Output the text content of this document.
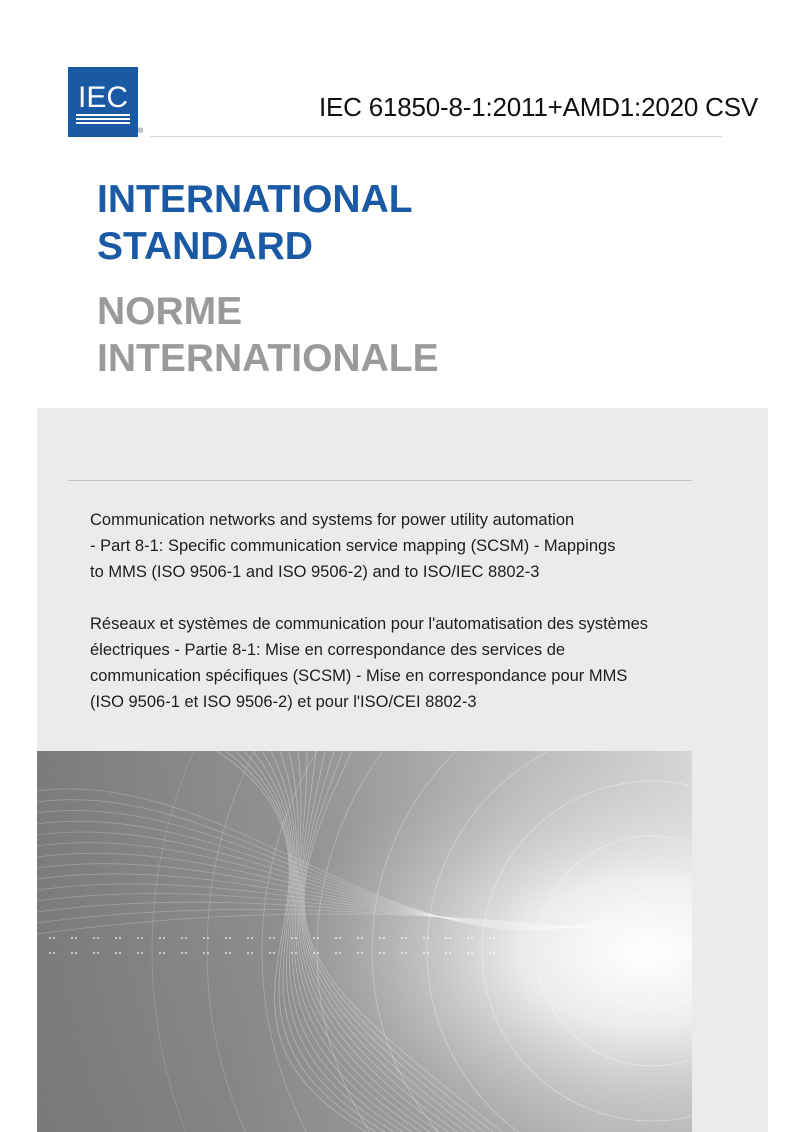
IEC
®
IEC 61850-8-1:2011+AMD1:2020 CSV
INTERNATIONAL
STANDARD
NORME
INTERNATIONALE
Communication networks and systems for power utility automation
- Part 8-1: Specific communication service mapping (SCSM) - Mappings
to MMS (ISO 9506-1 and ISO 9506-2) and to ISO/IEC 8802-3
Réseaux et systèmes de communication pour l'automatisation des systèmes
électriques - Partie 8-1: Mise en correspondance des services de
communication spécifiques (SCSM) - Mise en correspondance pour MMS
(ISO 9506-1 et ISO 9506-2) et pour l'ISO/CEI 8802-3
